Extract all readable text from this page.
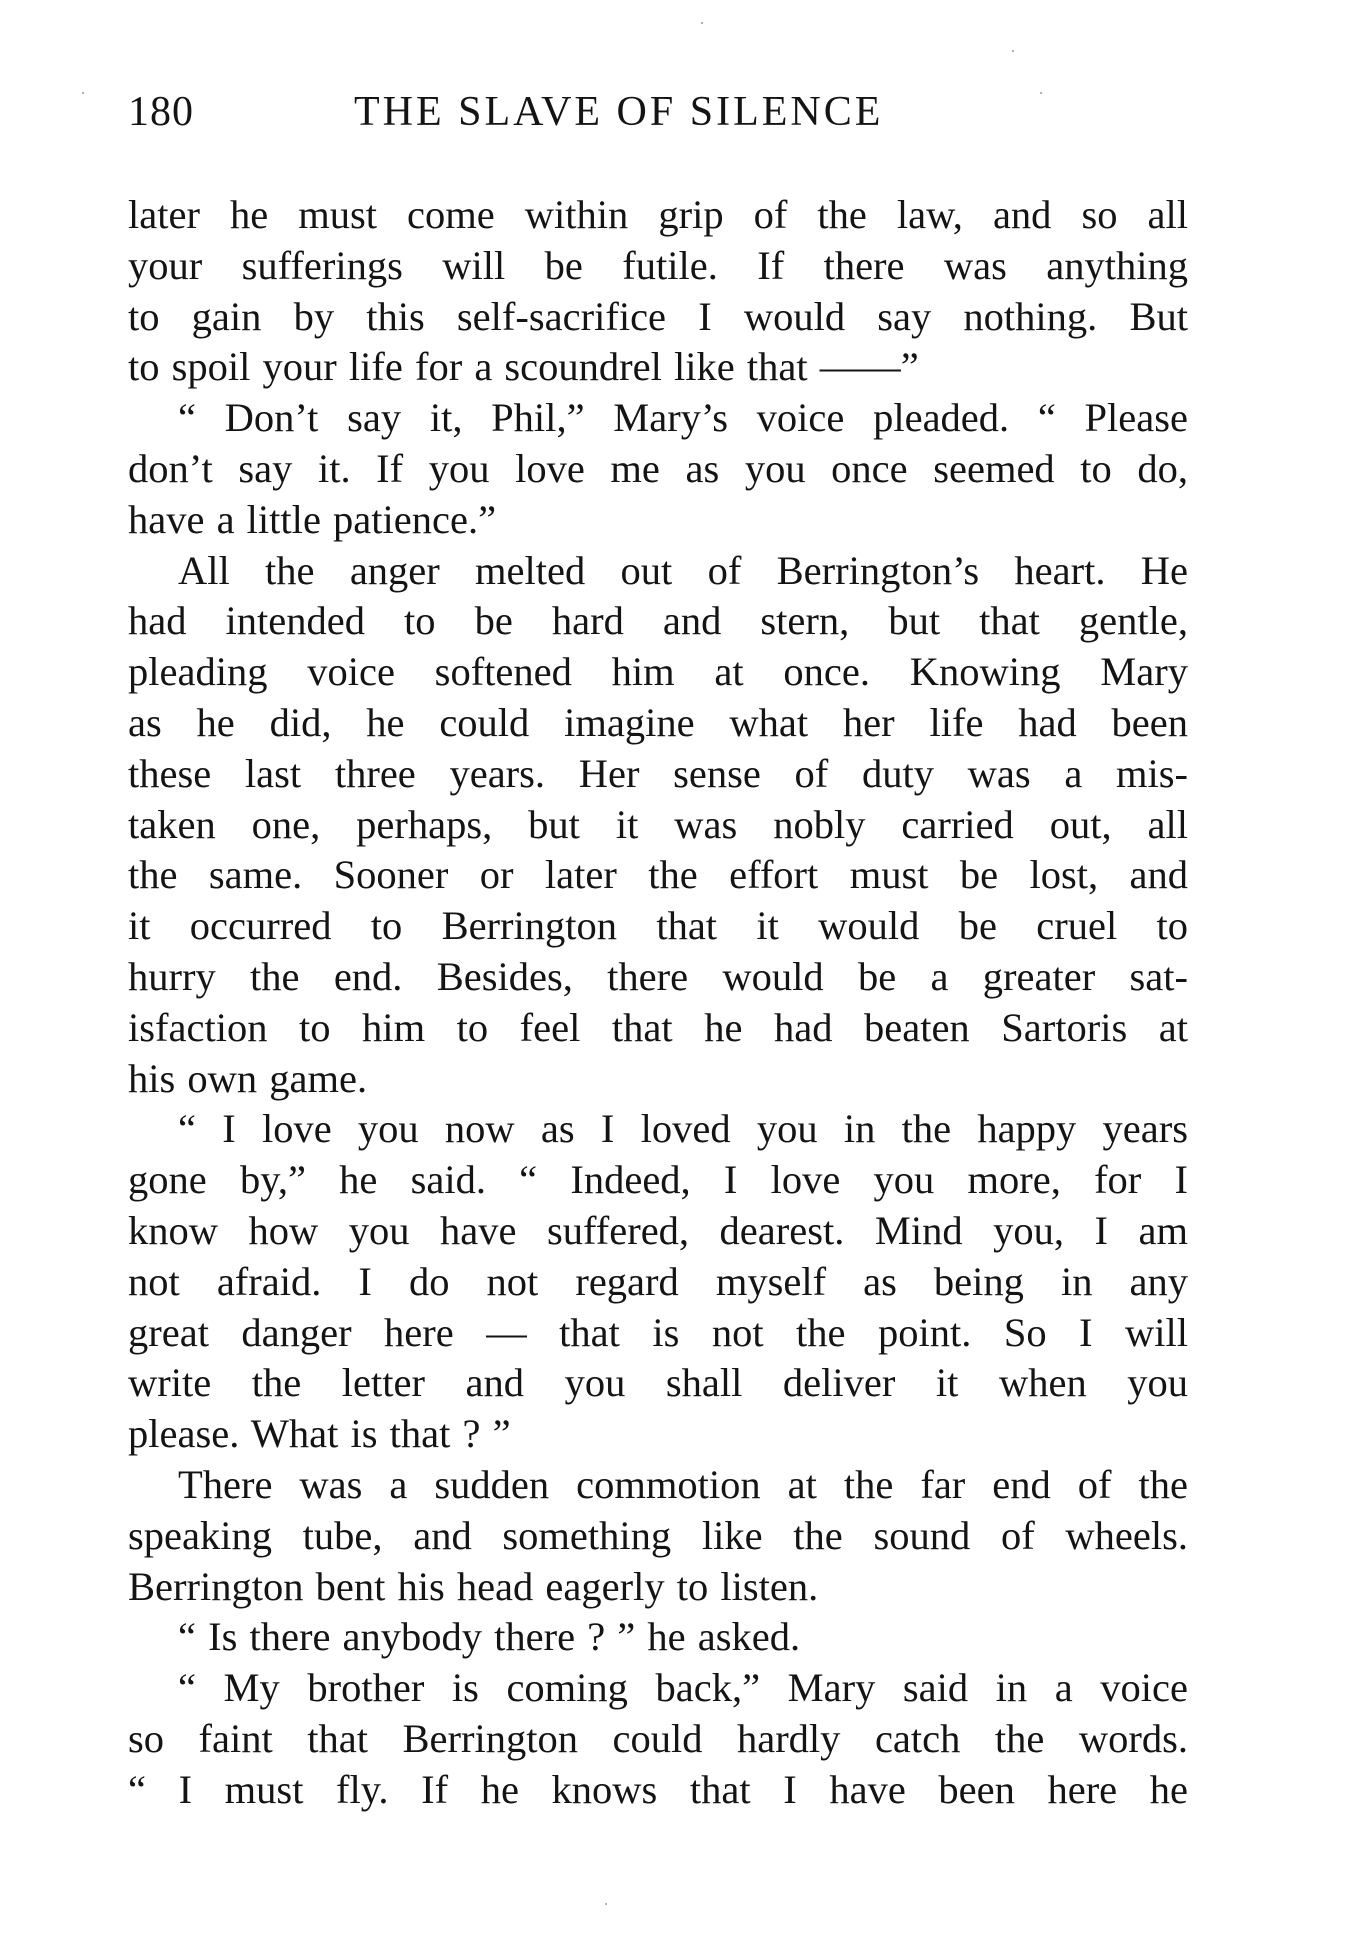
180	THE SLAVE OF SILENCE
later he must come within grip of the law, and so all
your sufferings will be futile. If there was anything
to gain by this self-sacrifice I would say nothing. But
to spoil your life for a scoundrel like that ——”
“ Don’t say it, Phil,” Mary’s voice pleaded. “ Please
don’t say it. If you love me as you once seemed to do,
have a little patience.”
All the anger melted out of Berrington’s heart. He
had intended to be hard and stern, but that gentle,
pleading voice softened him at once. Knowing Mary
as he did, he could imagine what her life had been
these last three years. Her sense of duty was a mis-
taken one, perhaps, but it was nobly carried out, all
the same. Sooner or later the effort must be lost, and
it occurred to Berrington that it would be cruel to
hurry the end. Besides, there would be a greater sat-
isfaction to him to feel that he had beaten Sartoris at
his own game.
“ I love you now as I loved you in the happy years
gone by,” he said. “ Indeed, I love you more, for I
know how you have suffered, dearest. Mind you, I am
not afraid. I do not regard myself as being in any
great danger here — that is not the point. So I will
write the letter and you shall deliver it when you
please. What is that ? ”
There was a sudden commotion at the far end of the
speaking tube, and something like the sound of wheels.
Berrington bent his head eagerly to listen.
“ Is there anybody there ? ” he asked.
“ My brother is coming back,” Mary said in a voice
so faint that Berrington could hardly catch the words.
“ I must fly. If he knows that I have been here he
